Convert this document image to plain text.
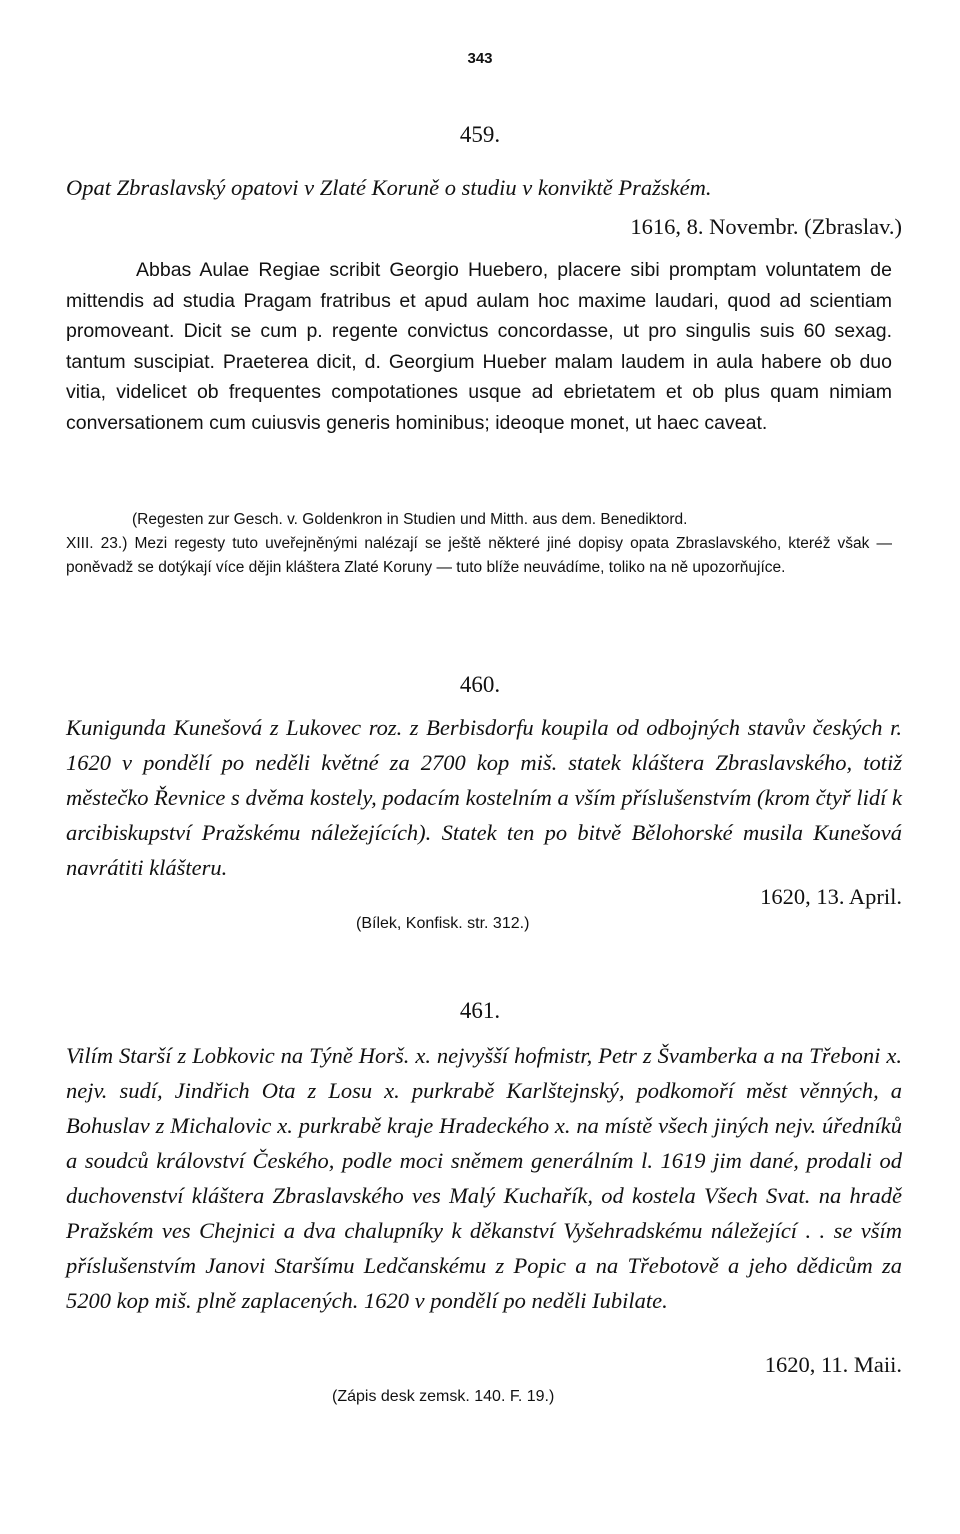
343
459.
Opat Zbraslavský opatovi v Zlaté Koruně o studiu v konviktě Pražském.
1616, 8. Novembr. (Zbraslav.)
Abbas Aulae Regiae scribit Georgio Huebero, placere sibi promptam voluntatem de mittendis ad studia Pragam fratribus et apud aulam hoc maxime laudari, quod ad scientiam promoveant. Dicit se cum p. regente convictus concordasse, ut pro singulis suis 60 sexag. tantum suscipiat. Praeterea dicit, d. Georgium Hueber malam laudem in aula habere ob duo vitia, videlicet ob frequentes compotationes usque ad ebrietatem et ob plus quam nimiam conversationem cum cuiusvis generis hominibus; ideoque monet, ut haec caveat.
(Regesten zur Gesch. v. Goldenkron in Studien und Mitth. aus dem. Benediktord.
XIII. 23.) Mezi regesty tuto uveřejněnými nalézají se ještě některé jiné dopisy opata Zbraslavského, kteréž však — poněvadž se dotýkají více dějin kláštera Zlaté Koruny — tuto blíže neuvádíme, toliko na ně upozorňujíce.
460.
Kunigunda Kunešová z Lukovec roz. z Berbisdorfu koupila od odbojných stavův českých r. 1620 v pondělí po neděli květné za 2700 kop miš. statek kláštera Zbraslavského, totiž městečko Řevnice s dvěma kostely, podacím kostelním a vším příslušenstvím (krom čtyř lidí k arcibiskupství Pražskému náležejících). Statek ten po bitvě Bělohorské musila Kunešová navrátiti klášteru.
1620, 13. April.
(Bílek, Konfisk. str. 312.)
461.
Vilím Starší z Lobkovic na Týně Horš. x. nejvyšší hofmistr, Petr z Švamberka a na Třeboni x. nejv. sudí, Jindřich Ota z Losu x. purkrabě Karlštejnský, podkomoří měst věnných, a Bohuslav z Michalovic x. purkrabě kraje Hradeckého x. na místě všech jiných nejv. úředníků a soudců království Českého, podle moci sněmem generálním l. 1619 jim dané, prodali od duchovenství kláštera Zbraslavského ves Malý Kuchařík, od kostela Všech Svat. na hradě Pražském ves Chejnici a dva chalupníky k děkanství Vyšehradskému náležející . . se vším příslušenstvím Janovi Staršímu Ledčanskému z Popic a na Třebotově a jeho dědicům za 5200 kop miš. plně zaplacených. 1620 v pondělí po neděli Iubilate.
1620, 11. Maii.
(Zápis desk zemsk. 140. F. 19.)
